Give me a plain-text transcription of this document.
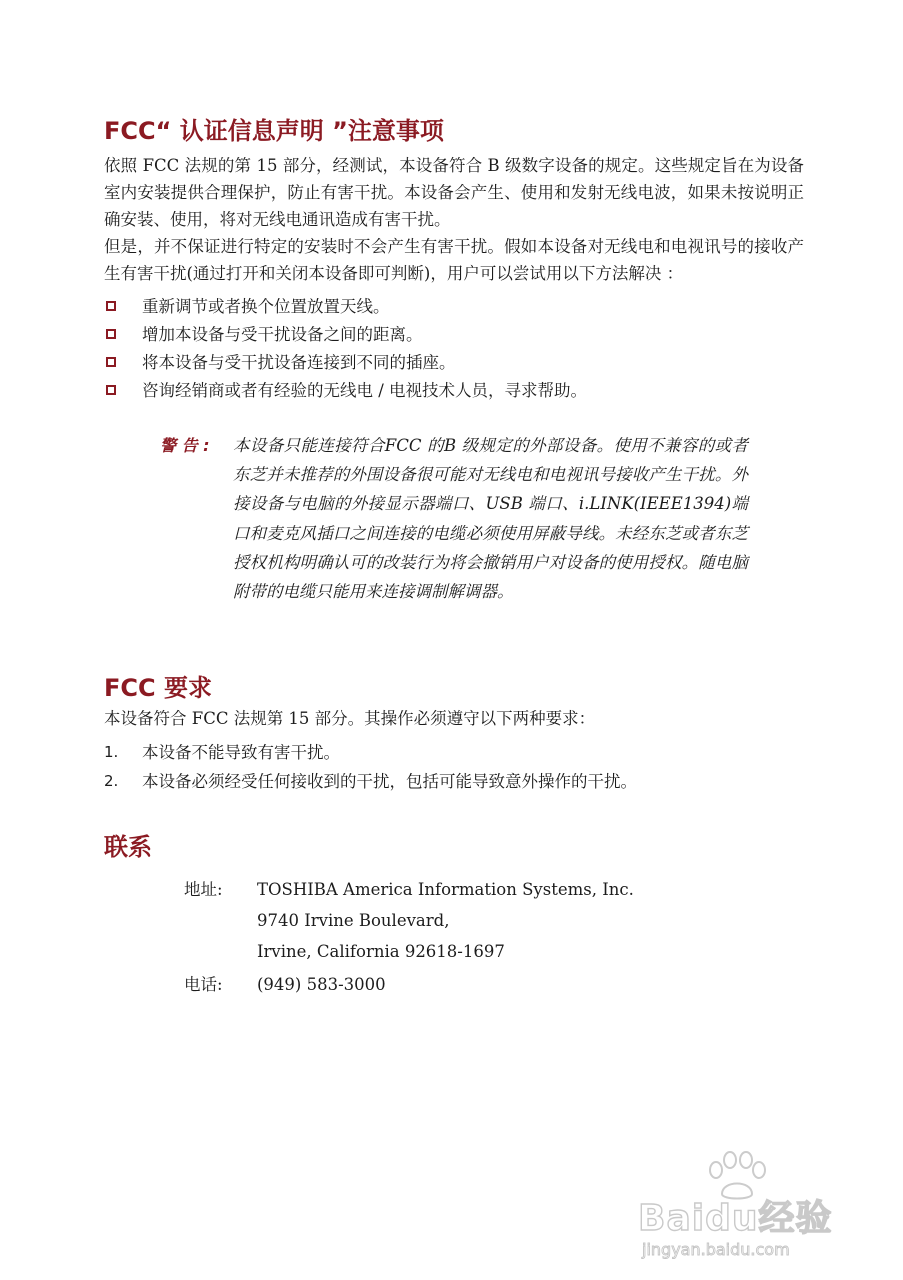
FCC“ 认证信息声明 ”注意事项

依照 FCC 法规的第 15 部分，经测试，本设备符合 B 级数字设备的规定。这些规定旨在为设备室内安装提供合理保护，防止有害干扰。本设备会产生、使用和发射无线电波，如果未按说明正确安装、使用，将对无线电通讯造成有害干扰。

但是，并不保证进行特定的安装时不会产生有害干扰。假如本设备对无线电和电视讯号的接收产生有害干扰(通过打开和关闭本设备即可判断)，用户可以尝试用以下方法解决 ：

重新调节或者换个位置放置天线。
增加本设备与受干扰设备之间的距离。
将本设备与受干扰设备连接到不同的插座。
咨询经销商或者有经验的无线电 / 电视技术人员，寻求帮助。
警 告 : 本设备只能连接符合FCC 的B 级规定的外部设备。使用不兼容的或者东芝并未推荐的外围设备很可能对无线电和电视讯号接收产生干扰。外接设备与电脑的外接显示器端口、USB 端口、i.LINK(IEEE1394)端口和麦克风插口之间连接的电缆必须使用屏蔽导线。未经东芝或者东芝授权机构明确认可的改装行为将会撤销用户对设备的使用授权。随电脑附带的电缆只能用来连接调制解调器。
FCC 要求

本设备符合 FCC 法规第 15 部分。其操作必须遵守以下两种要求：

1. 本设备不能导致有害干扰。
2. 本设备必须经受任何接收到的干扰，包括可能导致意外操作的干扰。
联系
地址:	TOSHIBA America Information Systems, Inc.
9740 Irvine Boulevard,
Irvine, California 92618-1697
电话:	(949) 583-3000
Baidu经验
jingyan.baidu.com
